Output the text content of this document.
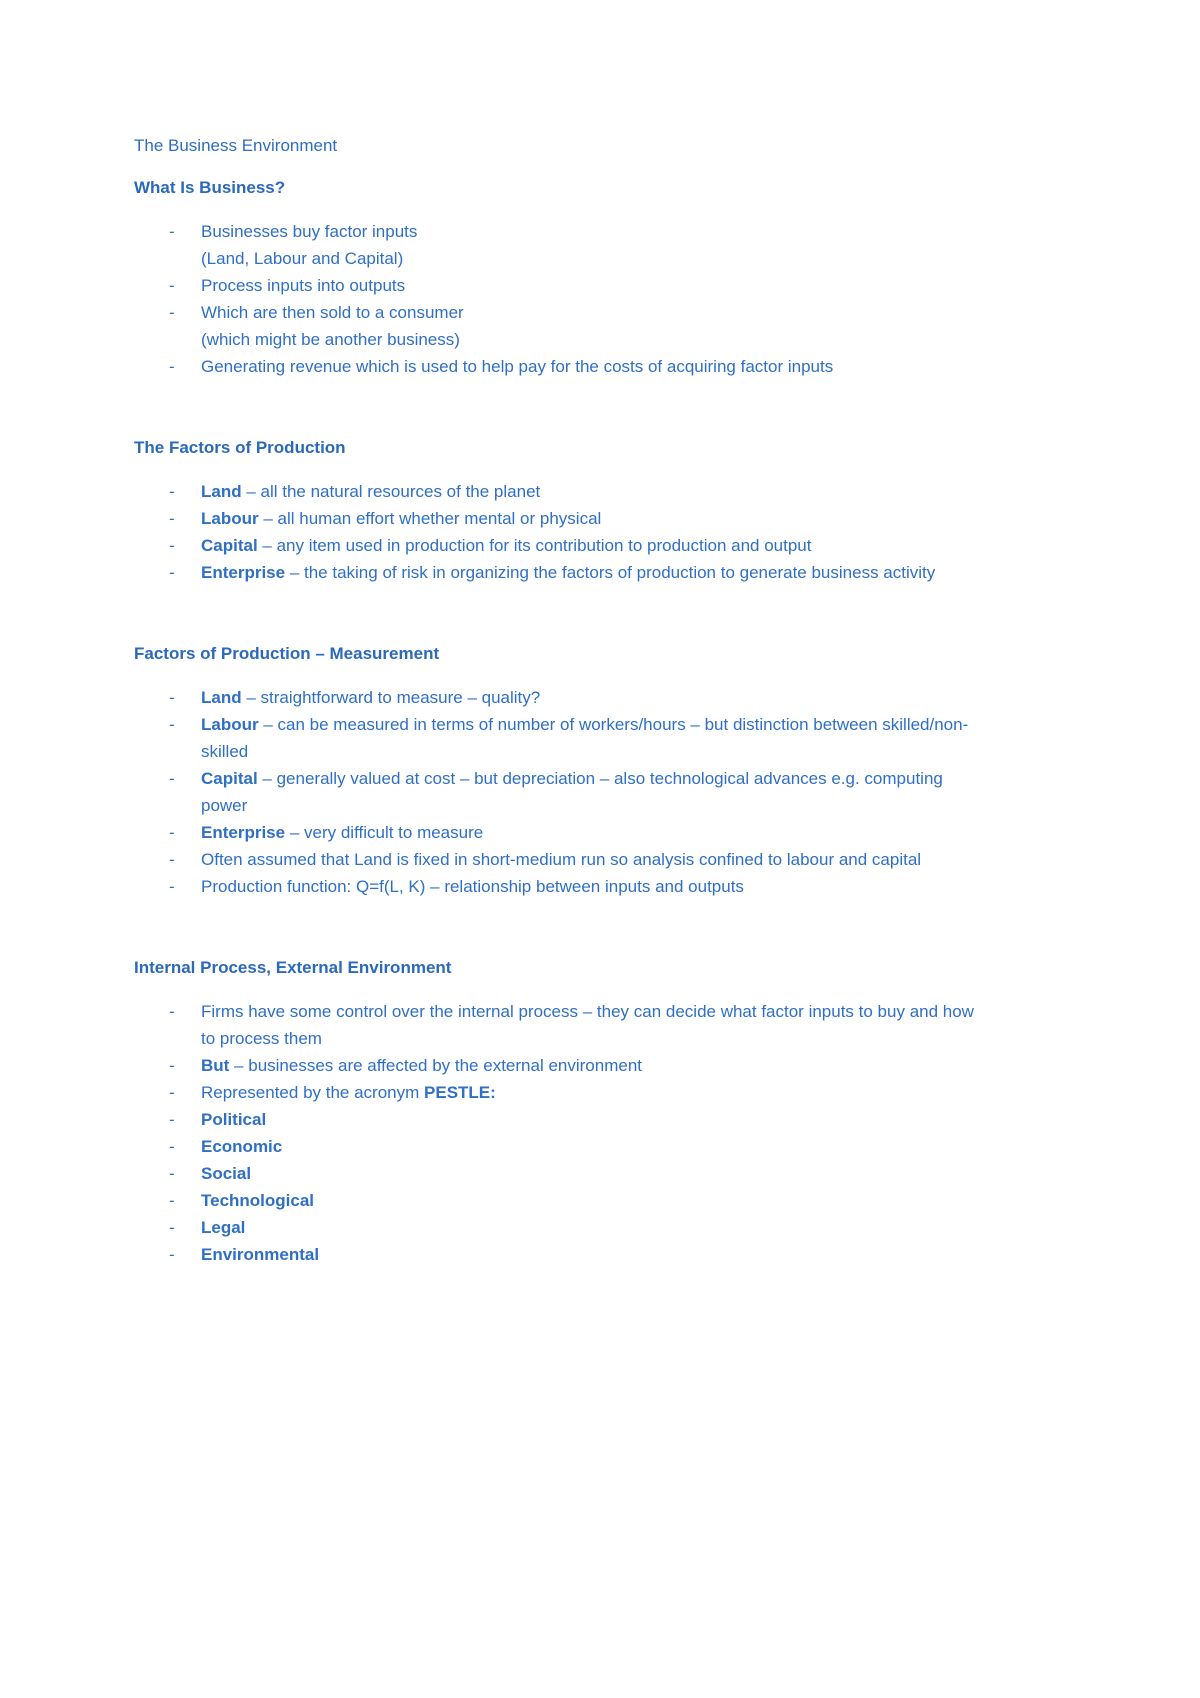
The Business Environment
What Is Business?
- Businesses buy factor inputs
(Land, Labour and Capital)
- Process inputs into outputs
- Which are then sold to a consumer
(which might be another business)
- Generating revenue which is used to help pay for the costs of acquiring factor inputs
The Factors of Production
- Land – all the natural resources of the planet
- Labour – all human effort whether mental or physical
- Capital – any item used in production for its contribution to production and output
- Enterprise – the taking of risk in organizing the factors of production to generate business activity
Factors of Production – Measurement
- Land – straightforward to measure – quality?
- Labour – can be measured in terms of number of workers/hours – but distinction between skilled/non-skilled
- Capital – generally valued at cost – but depreciation – also technological advances e.g. computing power
- Enterprise – very difficult to measure
- Often assumed that Land is fixed in short-medium run so analysis confined to labour and capital
- Production function: Q=f(L, K) – relationship between inputs and outputs
Internal Process, External Environment
- Firms have some control over the internal process – they can decide what factor inputs to buy and how to process them
- But – businesses are affected by the external environment
- Represented by the acronym PESTLE:
- Political
- Economic
- Social
- Technological
- Legal
- Environmental
